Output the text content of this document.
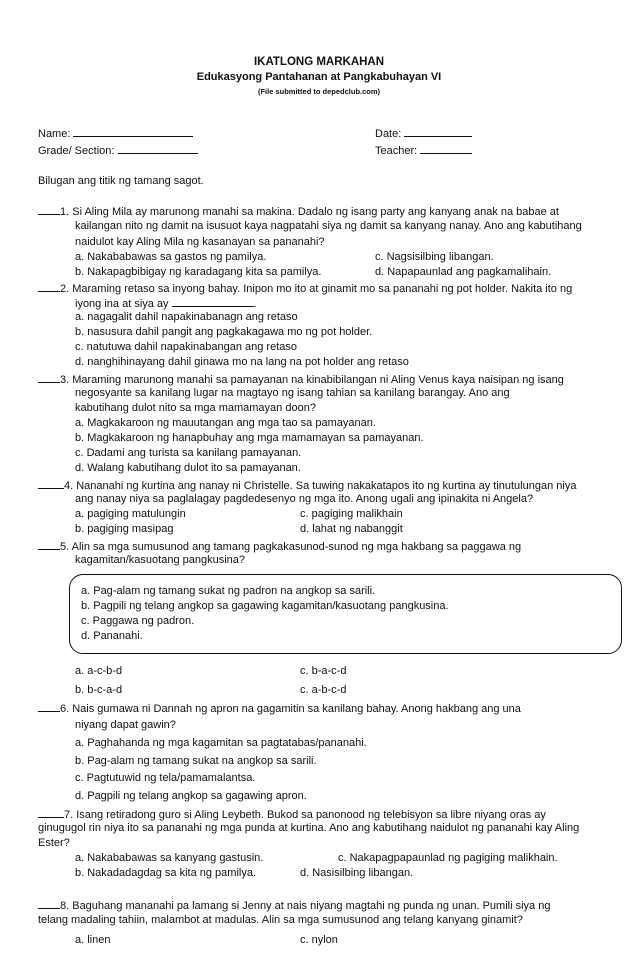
IKATLONG MARKAHAN
Edukasyong Pantahanan at Pangkabuhayan VI
(File submitted to depedclub.com)
Name:	Date:
Grade/ Section:	Teacher:
Bilugan ang titik ng tamang sagot.
1. Si Aling Mila ay marunong manahi sa makina. Dadalo ng isang party ang kanyang anak na babae at
kailangan nito ng damit na isusuot kaya nagpatahi siya ng damit sa kanyang nanay. Ano ang kabutihang
naidulot kay Aling Mila ng kasanayan sa pananahi?
a. Nakababawas sa gastos ng pamilya.	c. Nagsisilbing libangan.
b. Nakapagbibigay ng karadagang kita sa pamilya.	d. Napapaunlad ang pagkamalihain.
2. Maraming retaso sa inyong bahay. Inipon mo ito at ginamit mo sa pananahi ng pot holder. Nakita ito ng
iyong ina at siya ay	.
a. nagagalit dahil napakinabanagn ang retaso
b. nasusura dahil pangit ang pagkakagawa mo ng pot holder.
c. natutuwa dahil napakinabangan ang retaso
d. nanghihinayang dahil ginawa mo na lang na pot holder ang retaso
3. Maraming marunong manahi sa pamayanan na kinabibilangan ni Aling Venus kaya naisipan ng isang
negosyante sa kanilang lugar na magtayo ng isang tahian sa kanilang barangay. Ano ang
kabutihang dulot nito sa mga mamamayan doon?
a. Magkakaroon ng mauutangan ang mga tao sa pamayanan.
b. Magkakaroon ng hanapbuhay ang mga mamamayan sa pamayanan.
c. Dadami ang turista sa kanilang pamayanan.
d. Walang kabutihang dulot ito sa pamayanan.
4. Nananahi ng kurtina ang nanay ni Christelle. Sa tuwing nakakatapos ito ng kurtina ay tinutulungan niya
ang nanay niya sa paglalagay pagdedesenyo ng mga ito. Anong ugali ang ipinakita ni Angela?
a. pagiging matulungin	c. pagiging malikhain
b. pagiging masipag	d. lahat ng nabanggit
5. Alin sa mga sumusunod ang tamang pagkakasunod-sunod ng mga hakbang sa paggawa ng
kagamitan/kasuotang pangkusina?
a. Pag-alam ng tamang sukat ng padron na angkop sa sarili.
b. Pagpili ng telang angkop sa gagawing kagamitan/kasuotang pangkusina.
c. Paggawa ng padron.
d. Pananahi.
a. a-c-b-d	c. b-a-c-d
b. b-c-a-d	c. a-b-c-d
6. Nais gumawa ni Dannah ng apron na gagamitin sa kanilang bahay. Anong hakbang ang una
niyang dapat gawin?
a. Paghahanda ng mga kagamitan sa pagtatabas/pananahi.
b. Pag-alam ng tamang sukat na angkop sa sarili.
c. Pagtutuwid ng tela/pamamalantsa.
d. Pagpili ng telang angkop sa gagawing apron.
7. Isang retiradong guro si Aling Leybeth. Bukod sa panonood ng telebisyon sa libre niyang oras ay
ginugugol rin niya ito sa pananahi ng mga punda at kurtina. Ano ang kabutihang naidulot ng pananahi kay Aling
Ester?
a. Nakababawas sa kanyang gastusin.	c. Nakapagpapaunlad ng pagiging malikhain.
b. Nakadadagdag sa kita ng pamilya.	d. Nasisilbing libangan.
8. Baguhang mananahi pa lamang si Jenny at nais niyang magtahi ng punda ng unan. Pumili siya ng
telang madaling tahiin, malambot at madulas. Alin sa mga sumusunod ang telang kanyang ginamit?
a. linen	c. nylon
